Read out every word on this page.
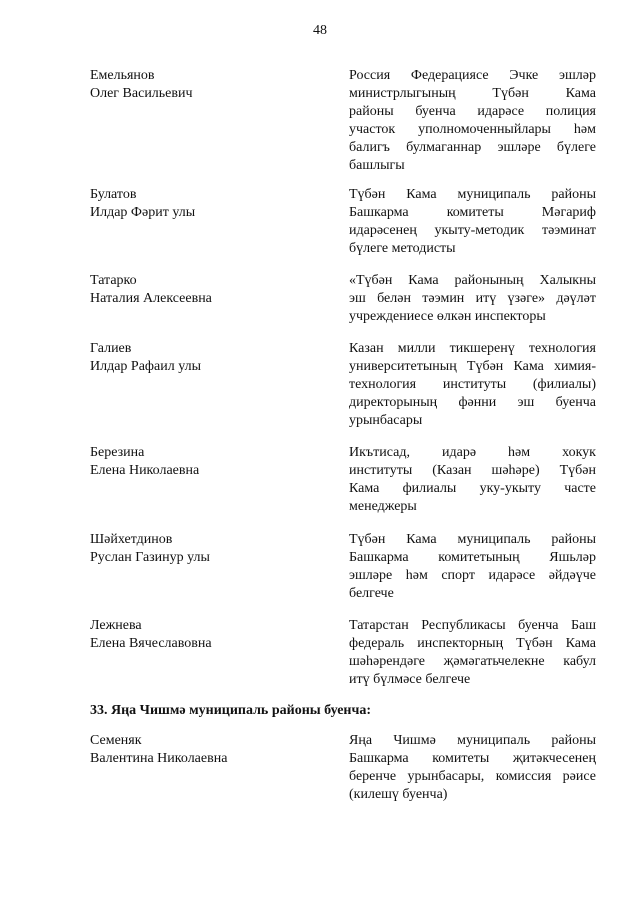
48
Емельянов
Олег Васильевич
Россия Федерациясе Эчке эшләр
министрлыгының Түбән Кама
районы буенча идарәсе полиция
участок уполномоченныйлары һәм
балигъ булмаганнар эшләре бүлеге
башлыгы
Булатов
Илдар Фәрит улы
Түбән Кама муниципаль районы
Башкарма комитеты Мәгариф
идарәсенең укыту-методик тәэминат
бүлеге методисты
Татарко
Наталия Алексеевна
«Түбән Кама районының Халыкны
эш белән тәэмин итү үзәге» дәүләт
учреждениесе өлкән инспекторы
Галиев
Илдар Рафаил улы
Казан милли тикшеренү технология
университетының Түбән Кама химия-
технология институты (филиалы)
директорының фәнни эш буенча
урынбасары
Березина
Елена Николаевна
Икътисад, идарә һәм хокук
институты (Казан шәһәре) Түбән
Кама филиалы уку-укыту часте
менеджеры
Шәйхетдинов
Руслан Газинур улы
Түбән Кама муниципаль районы
Башкарма комитетының Яшьләр
эшләре һәм спорт идарәсе әйдәүче
белгече
Лежнева
Елена Вячеславовна
Татарстан Республикасы буенча Баш
федераль инспекторның Түбән Кама
шәһәрендәге җәмәгатьчелекне кабул
итү бүлмәсе белгече
33. Яңа Чишмә муниципаль районы буенча:
Семеняк
Валентина Николаевна
Яңа Чишмә муниципаль районы
Башкарма комитеты җитәкчесенең
беренче урынбасары, комиссия рәисе
(килешү буенча)
